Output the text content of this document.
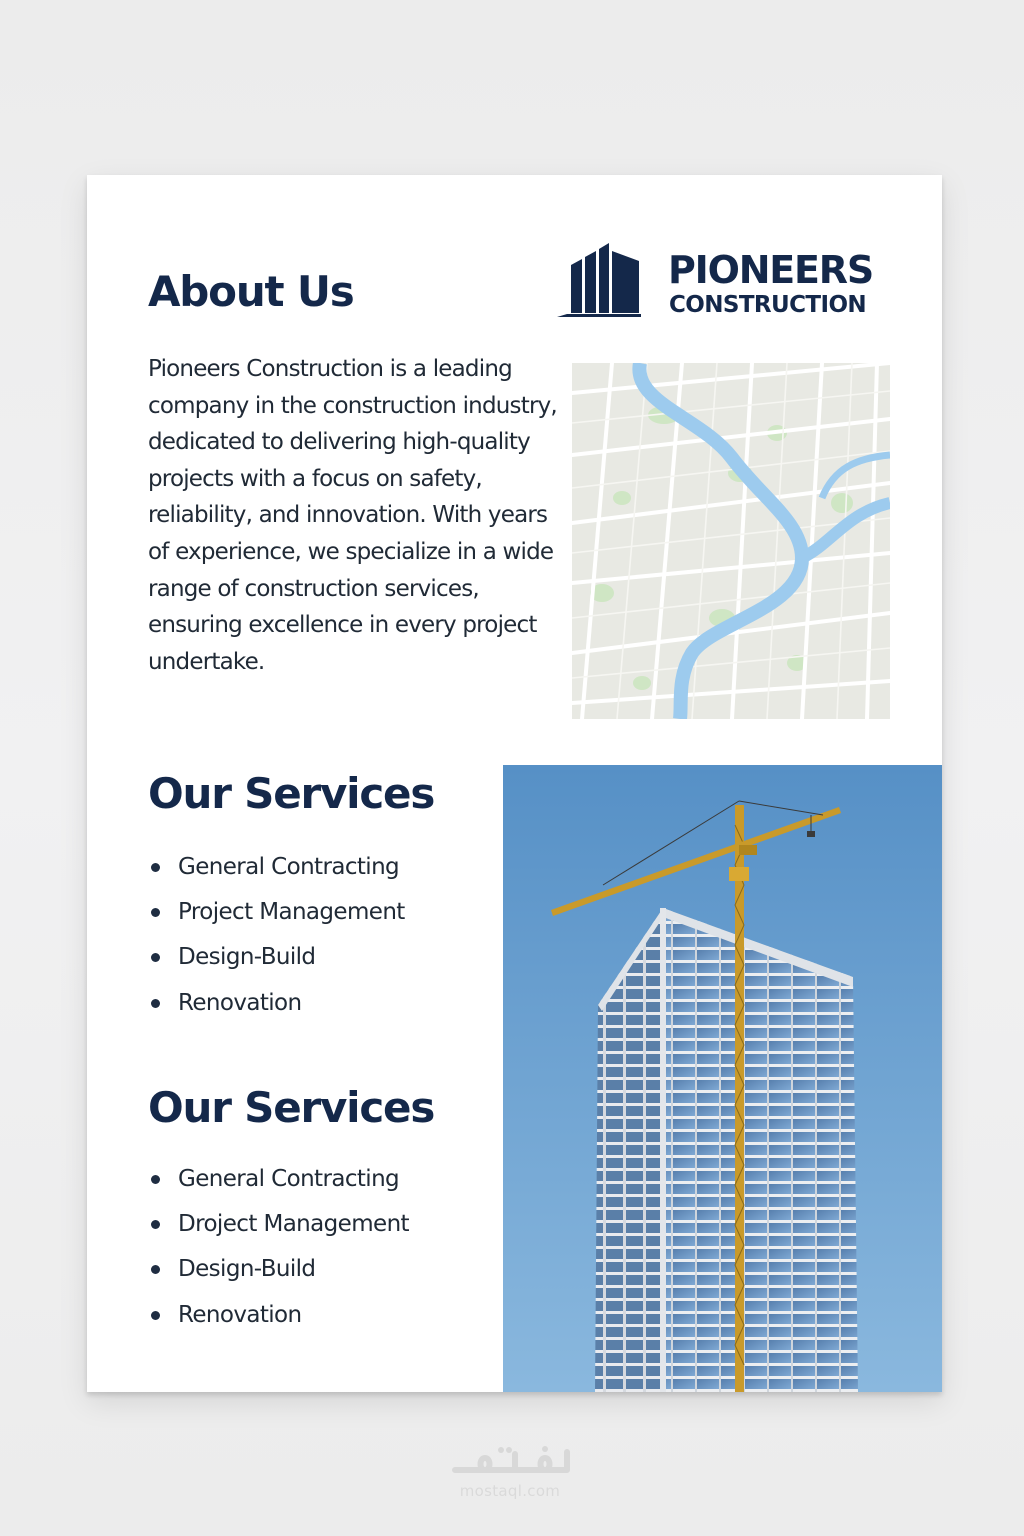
About Us	PIONEERS
CONSTRUCTION

Pioneers Construction is a leading company in the construction industry, dedicated to delivering high-quality projects with a focus on safety, reliability, and innovation. With years of experience, we specialize in a wide range of construction services, ensuring excellence in every project undertake.

Our Services
General Contracting
Project Management
Design-Build
Renovation
Our Services
General Contracting
Droject Management
Design-Build
Renovation
mostaql.com
